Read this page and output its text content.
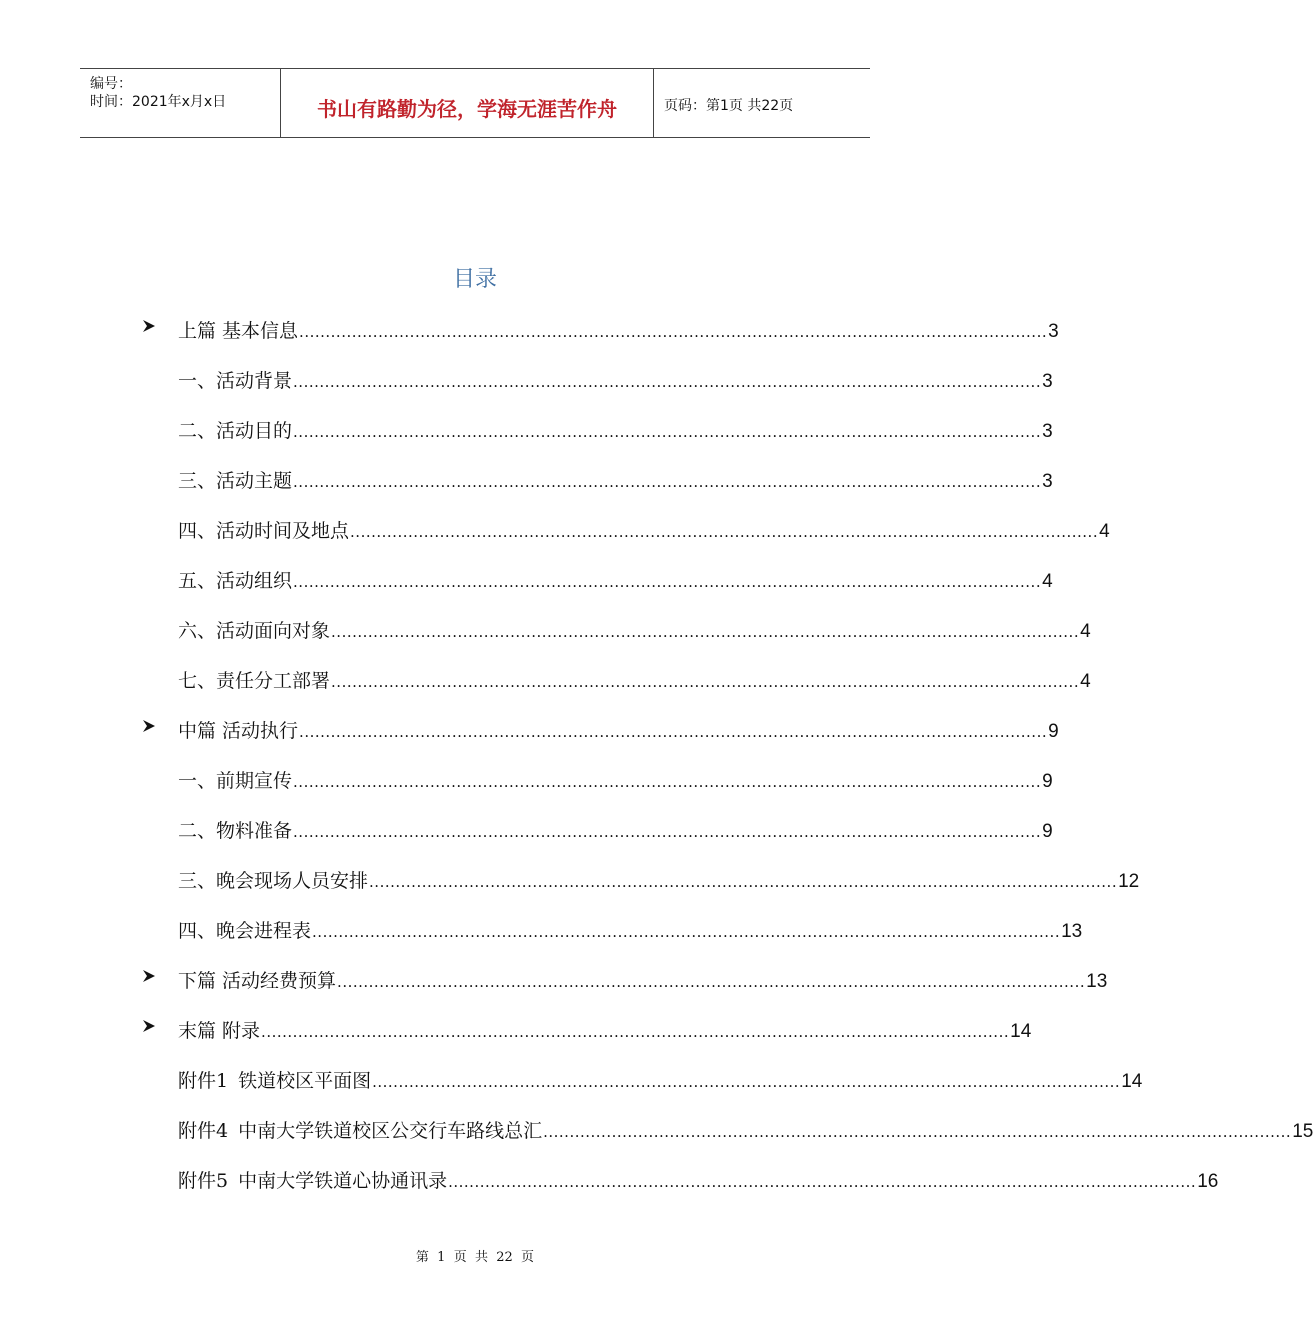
编号：
时间：2021年x月x日	书山有路勤为径，学海无涯苦作舟	页码：第1页 共22页
目录
上篇 基本信息 .............................................................................................................................................. 3
一、 活动背景 .............................................................................................................................................. 3
二、 活动目的 .............................................................................................................................................. 3
三、 活动主题 .............................................................................................................................................. 3
四、 活动时间及地点 .............................................................................................................................................. 4
五、 活动组织 .............................................................................................................................................. 4
六、 活动面向对象 .............................................................................................................................................. 4
七、 责任分工部署 .............................................................................................................................................. 4
中篇 活动执行 .............................................................................................................................................. 9
一、 前期宣传 .............................................................................................................................................. 9
二、 物料准备 .............................................................................................................................................. 9
三、 晚会现场人员安排 .............................................................................................................................................. 12
四、 晚会进程表 .............................................................................................................................................. 13
下篇 活动经费预算 .............................................................................................................................................. 13
末篇 附录 .............................................................................................................................................. 14
附件1 铁道校区平面图 .............................................................................................................................................. 14
附件4 中南大学铁道校区公交行车路线总汇 .............................................................................................................................................. 15
附件5 中南大学铁道心协通讯录 .............................................................................................................................................. 16
第  1  页  共  22  页
